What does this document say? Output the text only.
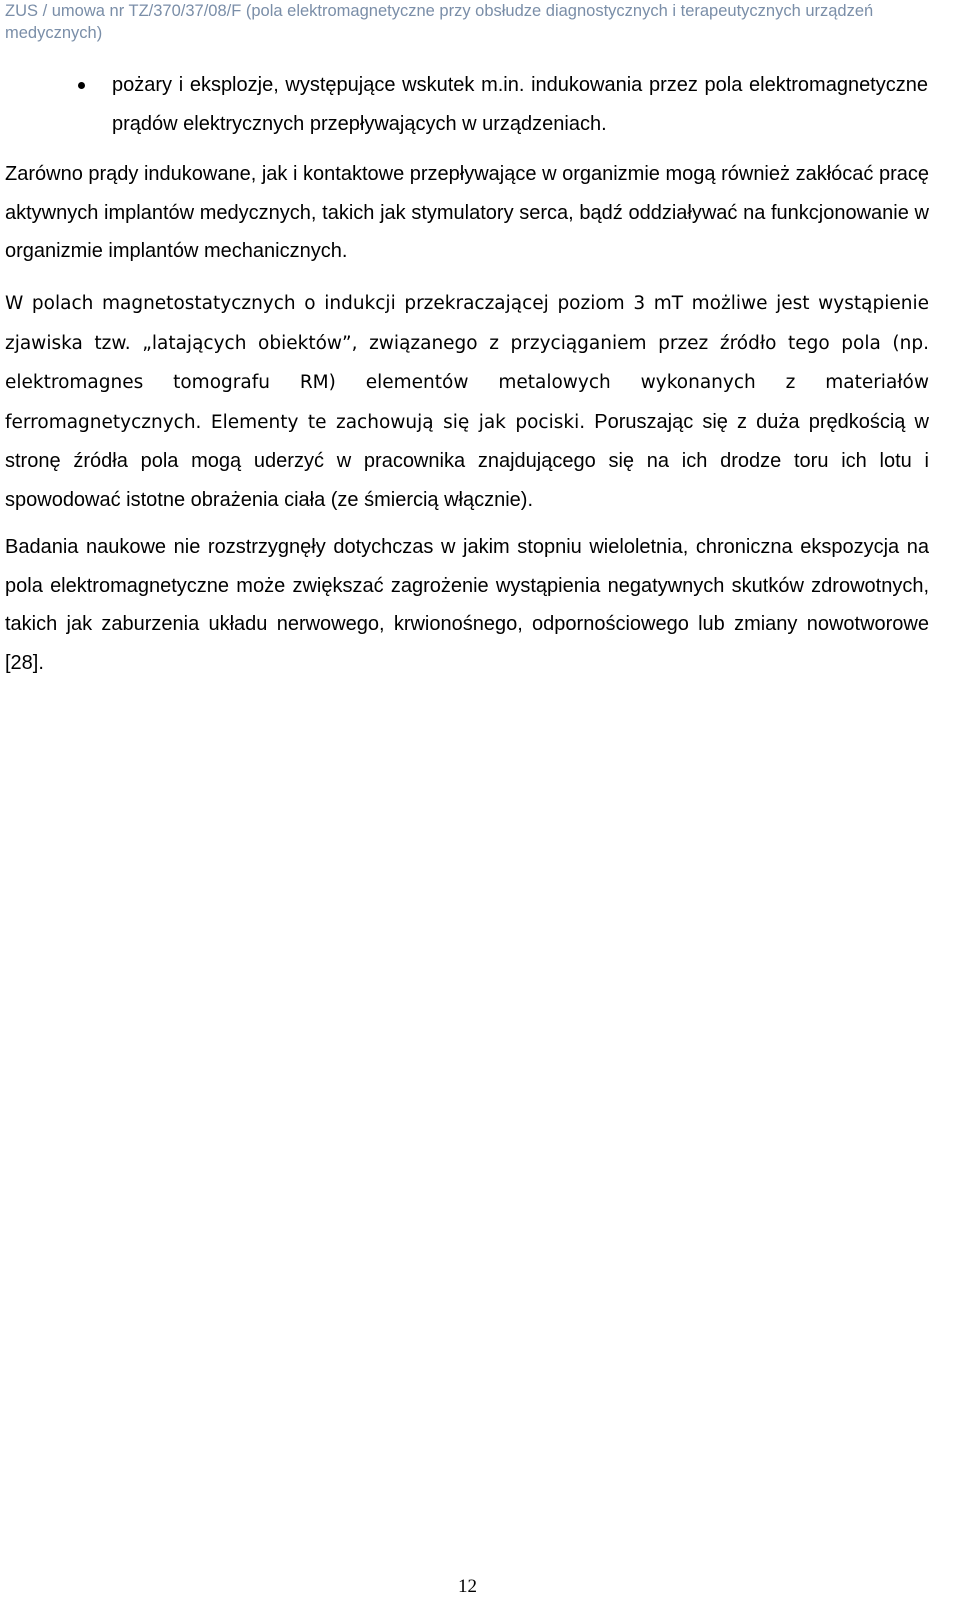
ZUS / umowa nr TZ/370/37/08/F (pola elektromagnetyczne przy obsłudze diagnostycznych i terapeutycznych urządzeń medycznych)
pożary i eksplozje, występujące wskutek m.in. indukowania przez pola elektromagnetyczne prądów elektrycznych przepływających w urządzeniach.

Zarówno prądy indukowane, jak i kontaktowe przepływające w organizmie mogą również zakłócać pracę aktywnych implantów medycznych, takich jak stymulatory serca, bądź oddziaływać na funkcjonowanie w organizmie implantów mechanicznych.

W polach magnetostatycznych o indukcji przekraczającej poziom 3 mT możliwe jest wystąpienie zjawiska tzw. „latających obiektów”, związanego z przyciąganiem przez źródło tego pola (np. elektromagnes tomografu RM) elementów metalowych wykonanych z materiałów ferromagnetycznych. Elementy te zachowują się jak pociski. Poruszając się z duża prędkością w stronę źródła pola mogą uderzyć w pracownika znajdującego się na ich drodze toru ich lotu i spowodować istotne obrażenia ciała (ze śmiercią włącznie).

Badania naukowe nie rozstrzygnęły dotychczas w jakim stopniu wieloletnia, chroniczna ekspozycja na pola elektromagnetyczne może zwiększać zagrożenie wystąpienia negatywnych skutków zdrowotnych, takich jak zaburzenia układu nerwowego, krwionośnego, odpornościowego lub zmiany nowotworowe [28].

12
